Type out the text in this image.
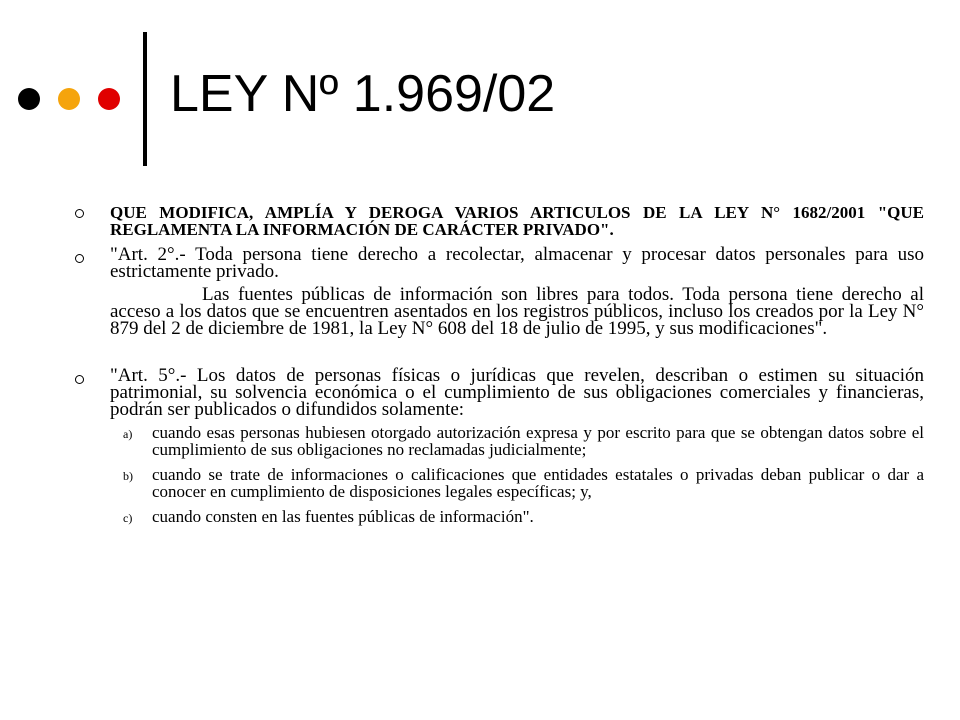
LEY Nº 1.969/02

QUE MODIFICA, AMPLÍA Y DEROGA VARIOS ARTICULOS DE LA LEY N° 1682/2001 "QUE REGLAMENTA LA INFORMACIÓN DE CARÁCTER PRIVADO".

"Art. 2°.- Toda persona tiene derecho a recolectar, almacenar y procesar datos personales para uso estrictamente privado.

Las fuentes públicas de información son libres para todos. Toda persona tiene derecho al acceso a los datos que se encuentren asentados en los registros públicos, incluso los creados por la Ley N° 879 del 2 de diciembre de 1981, la Ley N° 608 del 18 de julio de 1995, y sus modificaciones".

"Art. 5°.- Los datos de personas físicas o jurídicas que revelen, describan o estimen su situación patrimonial, su solvencia económica o el cumplimiento de sus obligaciones comerciales y financieras, podrán ser publicados o difundidos solamente:

a) cuando esas personas hubiesen otorgado autorización expresa y por escrito para que se obtengan datos sobre el cumplimiento de sus obligaciones no reclamadas judicialmente;
b) cuando se trate de informaciones o calificaciones que entidades estatales o privadas deban publicar o dar a conocer en cumplimiento de disposiciones legales específicas; y,
c) cuando consten en las fuentes públicas de información".
